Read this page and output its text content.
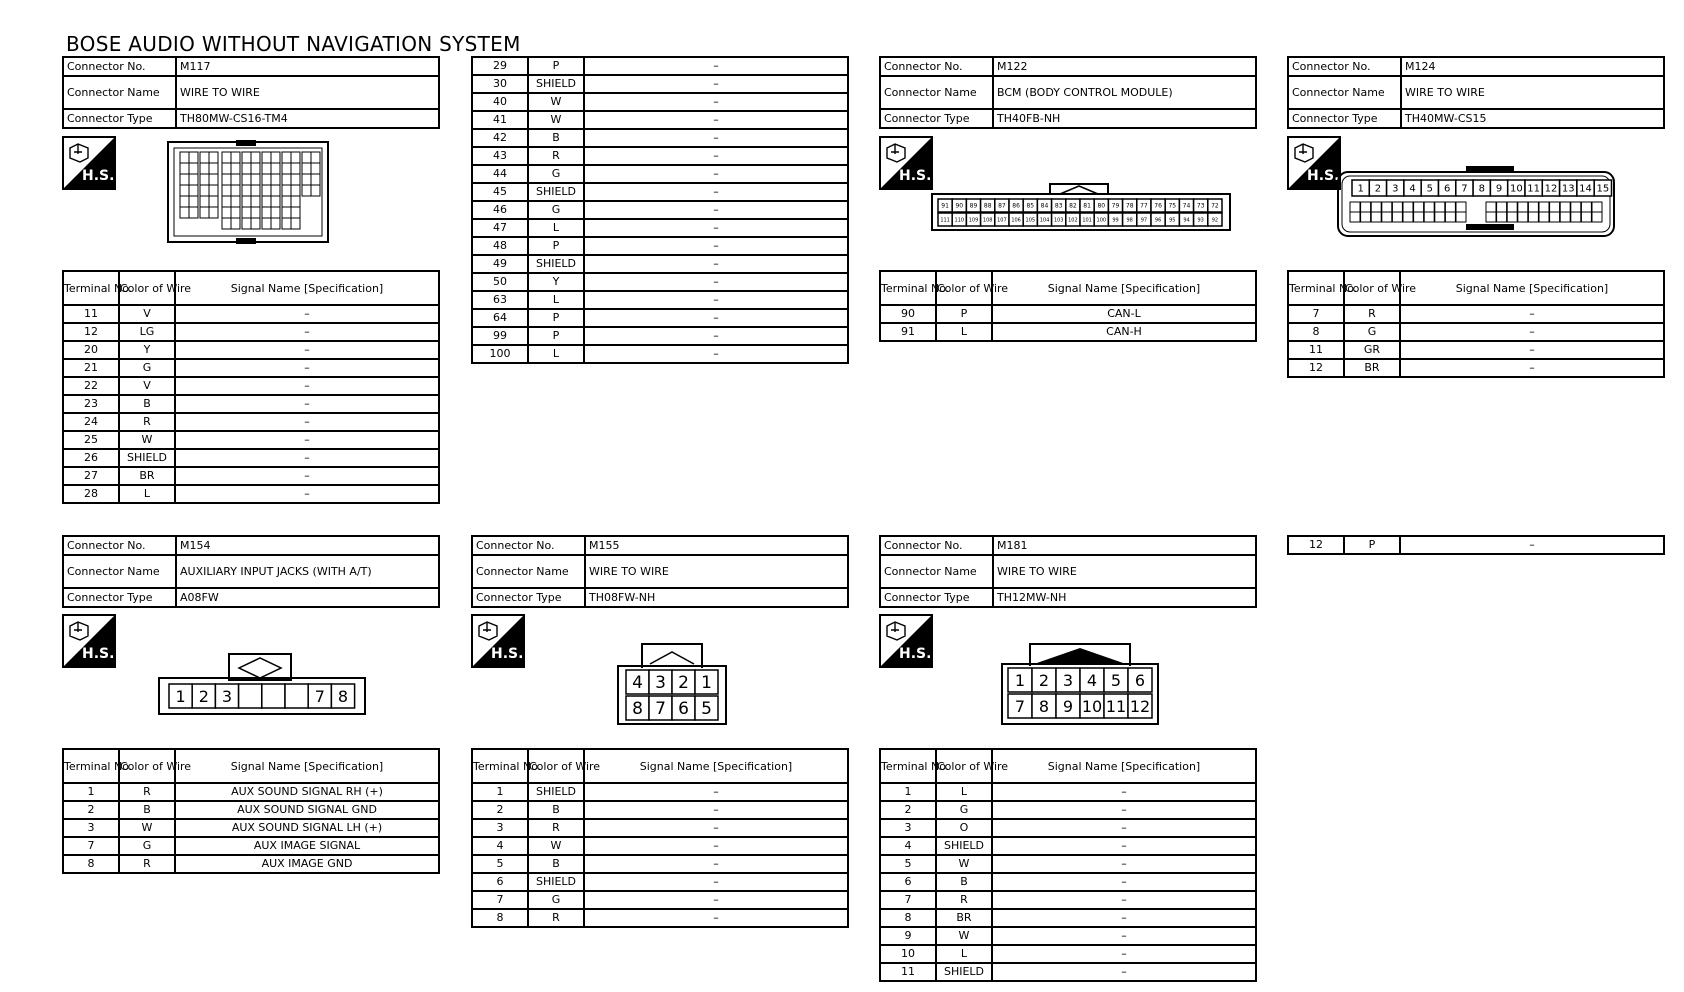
BOSE AUDIO WITHOUT NAVIGATION SYSTEM
Connector No.	M117
Connector Name	WIRE TO WIRE
Connector Type	TH80MW-CS16-TM4
Connector No.	M122
Connector Name	BCM (BODY CONTROL MODULE)
Connector Type	TH40FB-NH
Connector No.	M124
Connector Name	WIRE TO WIRE
Connector Type	TH40MW-CS15
Connector No.	M154
Connector Name	AUXILIARY INPUT JACKS (WITH A/T)
Connector Type	A08FW
Connector No.	M155
Connector Name	WIRE TO WIRE
Connector Type	TH08FW-NH
Connector No.	M181
Connector Name	WIRE TO WIRE
Connector Type	TH12MW-NH
H.S.	H.S.	H.S.
H.S.	H.S.	H.S.
91 90 89 88 87 86 85 84 83 82 81 80 79 78 77 76 75 74 73 72
111 110 109 108 107 106 105 104 103 102 101 100 99 98 97 96 95 94 93 92
1 2 3 4 5 6 7 8 9 10 11 12 13 14 15
1 2 3	7 8
4 3 2 1
8 7 6 5
1 2 3 4 5 6
7 8 9 10 11 12
Terminal No.	Color of Wire	Signal Name [Specification]
11	V	–
12	LG	–
20	Y	–
21	G	–
22	V	–
23	B	–
24	R	–
25	W	–
26	SHIELD	–
27	BR	–
28	L	–
29	P	–
30	SHIELD	–
40	W	–
41	W	–
42	B	–
43	R	–
44	G	–
45	SHIELD	–
46	G	–
47	L	–
48	P	–
49	SHIELD	–
50	Y	–
63	L	–
64	P	–
99	P	–
100	L	–
Terminal No.	Color of Wire	Signal Name [Specification]
90	P	CAN-L
91	L	CAN-H
Terminal No.	Color of Wire	Signal Name [Specification]
7	R	–
8	G	–
11	GR	–
12	BR	–
12	P	–
Terminal No.	Color of Wire	Signal Name [Specification]
1	R	AUX SOUND SIGNAL RH (+)
2	B	AUX SOUND SIGNAL GND
3	W	AUX SOUND SIGNAL LH (+)
7	G	AUX IMAGE SIGNAL
8	R	AUX IMAGE GND
Terminal No.	Color of Wire	Signal Name [Specification]
1	SHIELD	–
2	B	–
3	R	–
4	W	–
5	B	–
6	SHIELD	–
7	G	–
8	R	–
Terminal No.	Color of Wire	Signal Name [Specification]
1	L	–
2	G	–
3	O	–
4	SHIELD	–
5	W	–
6	B	–
7	R	–
8	BR	–
9	W	–
10	L	–
11	SHIELD	–
